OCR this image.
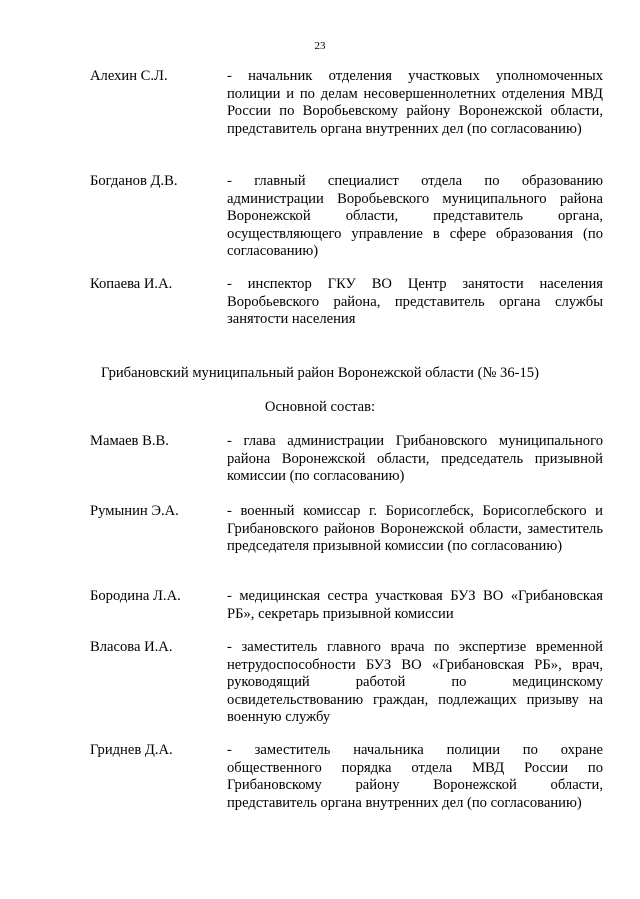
23
Алехин С.Л.	- начальник отделения участковых уполномоченных полиции и по делам несовершеннолетних отделения МВД России по Воробьевскому району Воронежской области, представитель органа внутренних дел (по согласованию)
Богданов Д.В.	- главный специалист отдела по образованию администрации Воробьевского муниципального района Воронежской области, представитель органа, осуществляющего управление в сфере образования (по согласованию)
Копаева И.А.	- инспектор ГКУ ВО Центр занятости населения Воробьевского района, представитель органа службы занятости населения
Грибановский муниципальный район Воронежской области (№ 36-15)
Основной состав:
Мамаев В.В.	- глава администрации Грибановского муниципального района Воронежской области, председатель призывной комиссии (по согласованию)
Румынин Э.А.	- военный комиссар г. Борисоглебск, Борисоглебского и Грибановского районов Воронежской области, заместитель председателя призывной комиссии (по согласованию)
Бородина Л.А.	- медицинская сестра участковая БУЗ ВО «Грибановская РБ», секретарь призывной комиссии
Власова И.А.	- заместитель главного врача по экспертизе временной нетрудоспособности БУЗ ВО «Грибановская РБ», врач, руководящий работой по медицинскому освидетельствованию граждан, подлежащих призыву на военную службу
Гриднев Д.А.	- заместитель начальника полиции по охране общественного порядка отдела МВД России по Грибановскому району Воронежской области, представитель органа внутренних дел (по согласованию)
